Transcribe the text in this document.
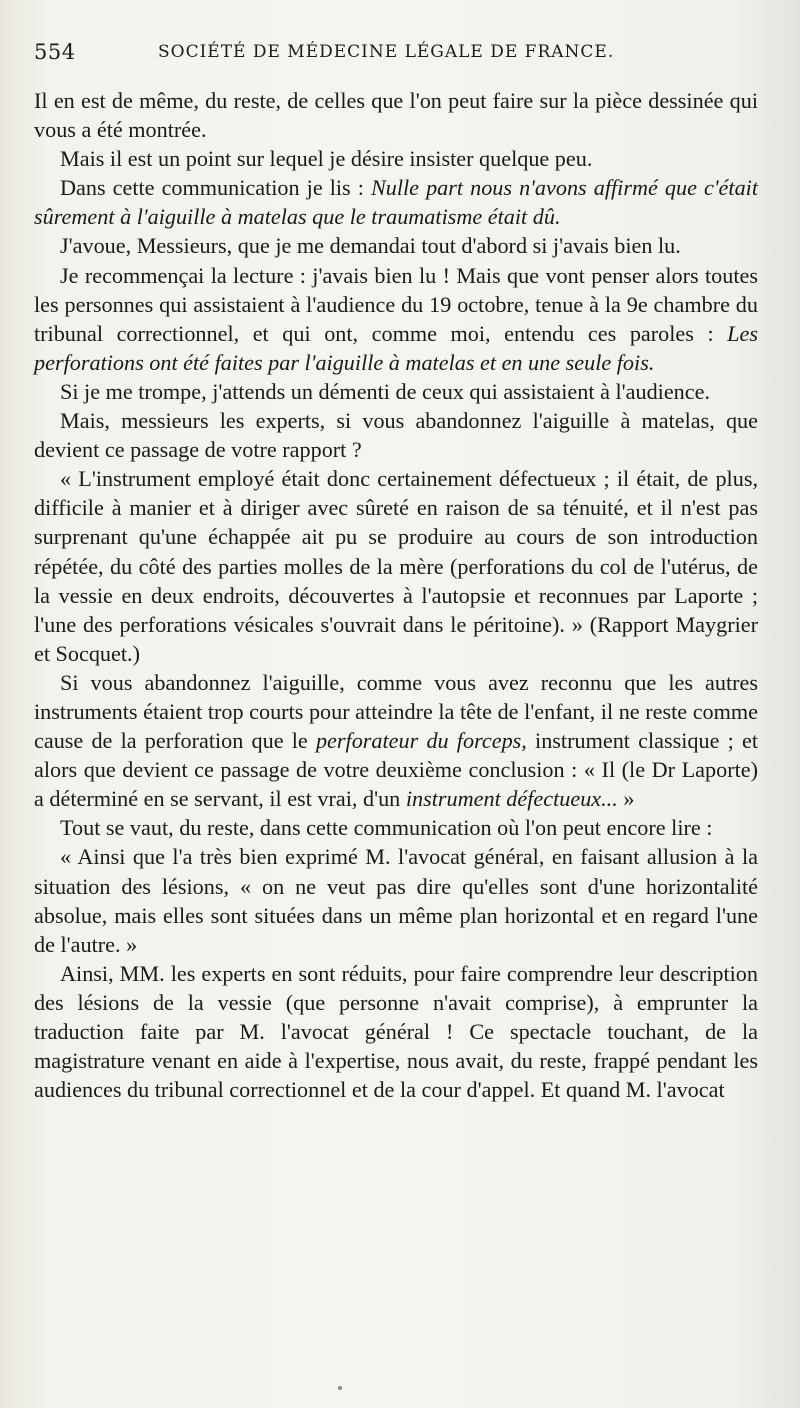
554	SOCIÉTÉ DE MÉDECINE LÉGALE DE FRANCE.

Il en est de même, du reste, de celles que l'on peut faire sur la pièce dessinée qui vous a été montrée.

Mais il est un point sur lequel je désire insister quelque peu.

Dans cette communication je lis : Nulle part nous n'avons affirmé que c'était sûrement à l'aiguille à matelas que le traumatisme était dû.

J'avoue, Messieurs, que je me demandai tout d'abord si j'avais bien lu.

Je recommençai la lecture : j'avais bien lu ! Mais que vont penser alors toutes les personnes qui assistaient à l'audience du 19 octobre, tenue à la 9e chambre du tribunal correctionnel, et qui ont, comme moi, entendu ces paroles : Les perforations ont été faites par l'aiguille à matelas et en une seule fois.

Si je me trompe, j'attends un démenti de ceux qui assistaient à l'audience.

Mais, messieurs les experts, si vous abandonnez l'aiguille à matelas, que devient ce passage de votre rapport ?

« L'instrument employé était donc certainement défectueux ; il était, de plus, difficile à manier et à diriger avec sûreté en raison de sa ténuité, et il n'est pas surprenant qu'une échappée ait pu se produire au cours de son introduction répétée, du côté des parties molles de la mère (perforations du col de l'utérus, de la vessie en deux endroits, découvertes à l'autopsie et reconnues par Laporte ; l'une des perforations vésicales s'ouvrait dans le péritoine). » (Rapport Maygrier et Socquet.)

Si vous abandonnez l'aiguille, comme vous avez reconnu que les autres instruments étaient trop courts pour atteindre la tête de l'enfant, il ne reste comme cause de la perforation que le perforateur du forceps, instrument classique ; et alors que devient ce passage de votre deuxième conclusion : « Il (le Dr Laporte) a déterminé en se servant, il est vrai, d'un instrument défectueux... »

Tout se vaut, du reste, dans cette communication où l'on peut encore lire :

« Ainsi que l'a très bien exprimé M. l'avocat général, en faisant allusion à la situation des lésions, « on ne veut pas dire qu'elles sont d'une horizontalité absolue, mais elles sont situées dans un même plan horizontal et en regard l'une de l'autre. »

Ainsi, MM. les experts en sont réduits, pour faire comprendre leur description des lésions de la vessie (que personne n'avait comprise), à emprunter la traduction faite par M. l'avocat général ! Ce spectacle touchant, de la magistrature venant en aide à l'expertise, nous avait, du reste, frappé pendant les audiences du tribunal correctionnel et de la cour d'appel. Et quand M. l'avocat
